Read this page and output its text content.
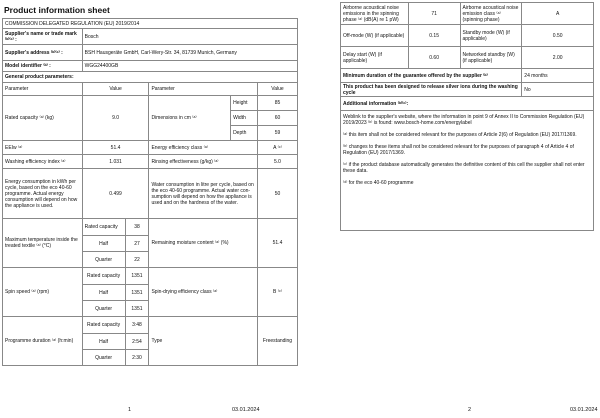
Product information sheet
COMMISSION DELEGATED REGULATION (EU) 2019/2014					
Supplier's name or trade mark ⁽ᵇ⁾⁽ᶜ⁾ :	Bosch				
Supplier's address ⁽ᵇ⁾⁽ᶜ⁾ :	BSH Hausgeräte GmbH, Carl-Wery-Str. 34, 81739 Munich, Germany				
Model identifier ⁽ᵇ⁾ :	WGG24400GB				
General product parameters:					
Parameter	Value		Parameter		Value
Rated capacity ⁽ᵃ⁾ (kg)	9.0		Dimensions in cm ⁽ᵃ⁾	Height	85
				Width	60
				Depth	59
EEIᴡ ⁽ᵃ⁾	51.4		Energy efficiency class ⁽ᵃ⁾		A ⁽ᶜ⁾
Washing efficiency index ⁽ᵃ⁾	1.031		Rinsing effectiveness (g/kg) ⁽ᵃ⁾		5.0
Energy consumption in kWh per cycle, based on the eco 40-60 programme. Actual energy consumption will depend on how the appliance is used.	0.499		Water consumption in litre per cycle, based on the eco 40-60 programme. Actual water con-sumption will depend on how the appliance is used and on the hardness of the water.		50
Maximum temperature inside the treated textile ⁽ᵃ⁾ (°C)	Rated capacity	38	Remaining moisture content ⁽ᵃ⁾ (%)		51.4
	Half	27			
	Quarter	22			
Spin speed ⁽ᵃ⁾ (rpm)	Rated capacity	1351	Spin-drying efficiency class ⁽ᵃ⁾		B ⁽ᶜ⁾
	Half	1351			
	Quarter	1351			
Programme duration ⁽ᵃ⁾ (h:min)	Rated capacity	3:48	Type		Freestanding
	Half	2:54			
	Quarter	2:30			
1	03.01.2024
Airborne acoustical noise emissions in the spinning phase ⁽ᵃ⁾ (dB(A) re 1 pW)	71	Airborne acoustical noise emission class ⁽ᵃ⁾ (spinning phase)	A
Off-mode (W) (if applicable)	0.15	Standby mode (W) (if applicable)	0.50
Delay start (W) (if applicable)	0.60	Networked standby (W) (if applicable)	2.00
Minimum duration of the guarantee offered by the supplier ⁽ᵇ⁾			24 months
This product has been designed to release silver ions during the washing cycle			No
Additional information ⁽ᵇ⁾⁽ᶜ⁾:			

Weblink to the supplier's website, where the information in point 9 of Annex II to Commission Regulation (EU) 2019/2023 ⁽ᵇ⁾ is found: www.bosch-home.com/energylabel
⁽ᵃ⁾ this item shall not be considered relevant for the purposes of Article 2(6) of Regulation (EU) 2017/1369.
⁽ᵇ⁾ changes to these items shall not be considered relevant for the purposes of paragraph 4 of Article 4 of Regulation (EU) 2017/1369.
⁽ᶜ⁾ if the product database automatically generates the definitive content of this cell the supplier shall not enter these data.
⁽ᵈ⁾ for the eco 40-60 programme			
2	03.01.2024
